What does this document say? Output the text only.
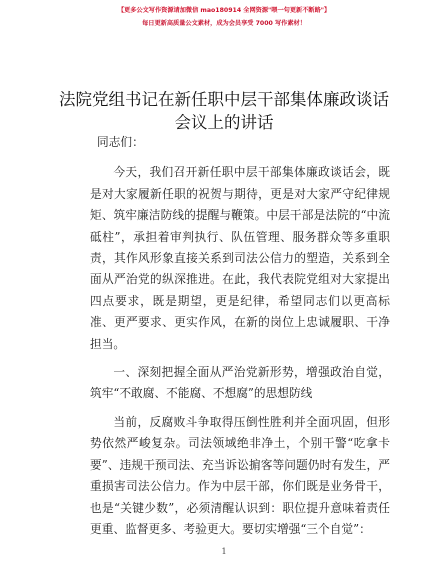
【更多公文写作资源请加微信 mao180914 全网资源"喂一句更新不断路"】
每日更新高质量公文素材，成为会员享受 7000 写作素材！
法院党组书记在新任职中层干部集体廉政谈话
会议上的讲话

同志们：

今天，我们召开新任职中层干部集体廉政谈话会，既是对大家履新任职的祝贺与期待，更是对大家严守纪律规矩、筑牢廉洁防线的提醒与鞭策。中层干部是法院的“中流砥柱”，承担着审判执行、队伍管理、服务群众等多重职责，其作风形象直接关系到司法公信力的塑造，关系到全面从严治党的纵深推进。在此，我代表院党组对大家提出四点要求，既是期望，更是纪律，希望同志们以更高标准、更严要求、更实作风，在新的岗位上忠诚履职、干净担当。

一、深刻把握全面从严治党新形势，增强政治自觉，筑牢“不敢腐、不能腐、不想腐”的思想防线

当前，反腐败斗争取得压倒性胜利并全面巩固，但形势依然严峻复杂。司法领域绝非净土，个别干警“吃拿卡要”、违规干预司法、充当诉讼掮客等问题仍时有发生，严重损害司法公信力。作为中层干部，你们既是业务骨干，也是“关键少数”，必须清醒认识到：职位提升意味着责任更重、监督更多、考验更大。要切实增强“三个自觉”：

1
